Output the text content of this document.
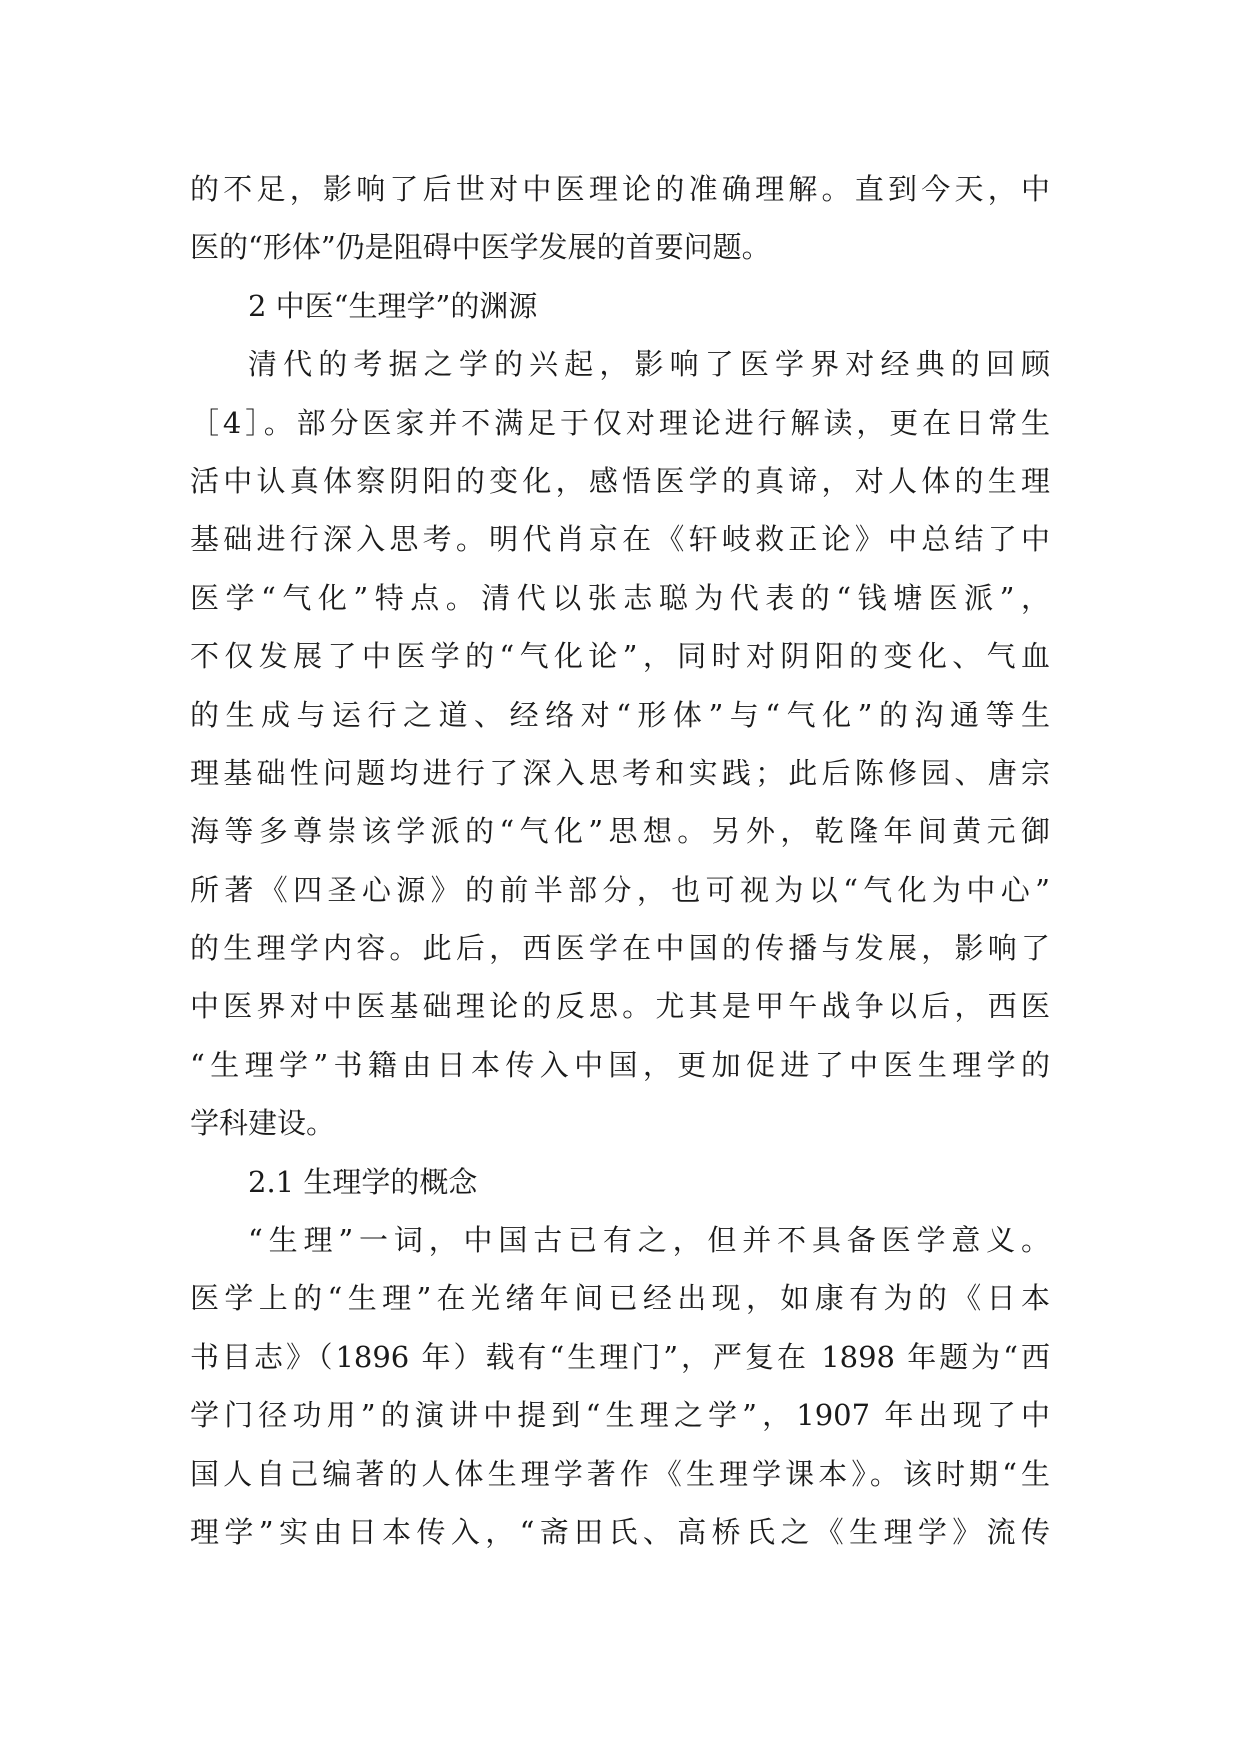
的不足，影响了后世对中医理论的准确理解。直到今天，中
医的“形体”仍是阻碍中医学发展的首要问题。
2 中医“生理学”的渊源
清代的考据之学的兴起，影响了医学界对经典的回顾
［4］。部分医家并不满足于仅对理论进行解读，更在日常生
活中认真体察阴阳的变化，感悟医学的真谛，对人体的生理
基础进行深入思考。明代肖京在《轩岐救正论》中总结了中
医学“气化”特点。清代以张志聪为代表的“钱塘医派”，
不仅发展了中医学的“气化论”，同时对阴阳的变化、气血
的生成与运行之道、经络对“形体”与“气化”的沟通等生
理基础性问题均进行了深入思考和实践；此后陈修园、唐宗
海等多尊崇该学派的“气化”思想。另外，乾隆年间黄元御
所著《四圣心源》的前半部分，也可视为以“气化为中心”
的生理学内容。此后，西医学在中国的传播与发展，影响了
中医界对中医基础理论的反思。尤其是甲午战争以后，西医
“生理学”书籍由日本传入中国，更加促进了中医生理学的
学科建设。
2.1 生理学的概念
“生理”一词，中国古已有之，但并不具备医学意义。
医学上的“生理”在光绪年间已经出现，如康有为的《日本
书目志》（1896 年）载有“生理门”，严复在 1898 年题为“西
学门径功用”的演讲中提到“生理之学”，1907 年出现了中
国人自己编著的人体生理学著作《生理学课本》。该时期“生
理学”实由日本传入，“斋田氏、高桥氏之《生理学》流传
